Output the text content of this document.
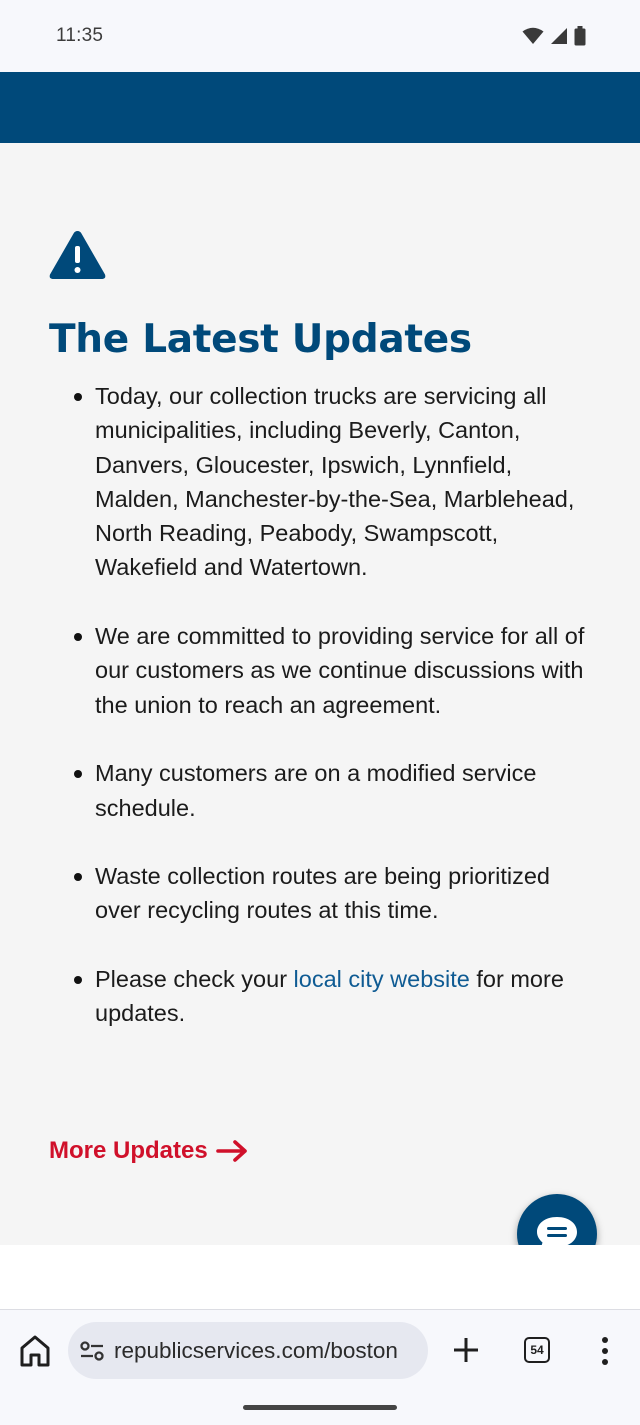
11:35
The Latest Updates
Today, our collection trucks are servicing all municipalities, including Beverly, Canton, Danvers, Gloucester, Ipswich, Lynnfield, Malden, Manchester-by-the-Sea, Marblehead, North Reading, Peabody, Swampscott, Wakefield and Watertown.
We are committed to providing service for all of our customers as we continue discussions with the union to reach an agreement.
Many customers are on a modified service schedule.
Waste collection routes are being prioritized over recycling routes at this time.
Please check your local city website for more updates.
More Updates
republicservices.com/boston	54
